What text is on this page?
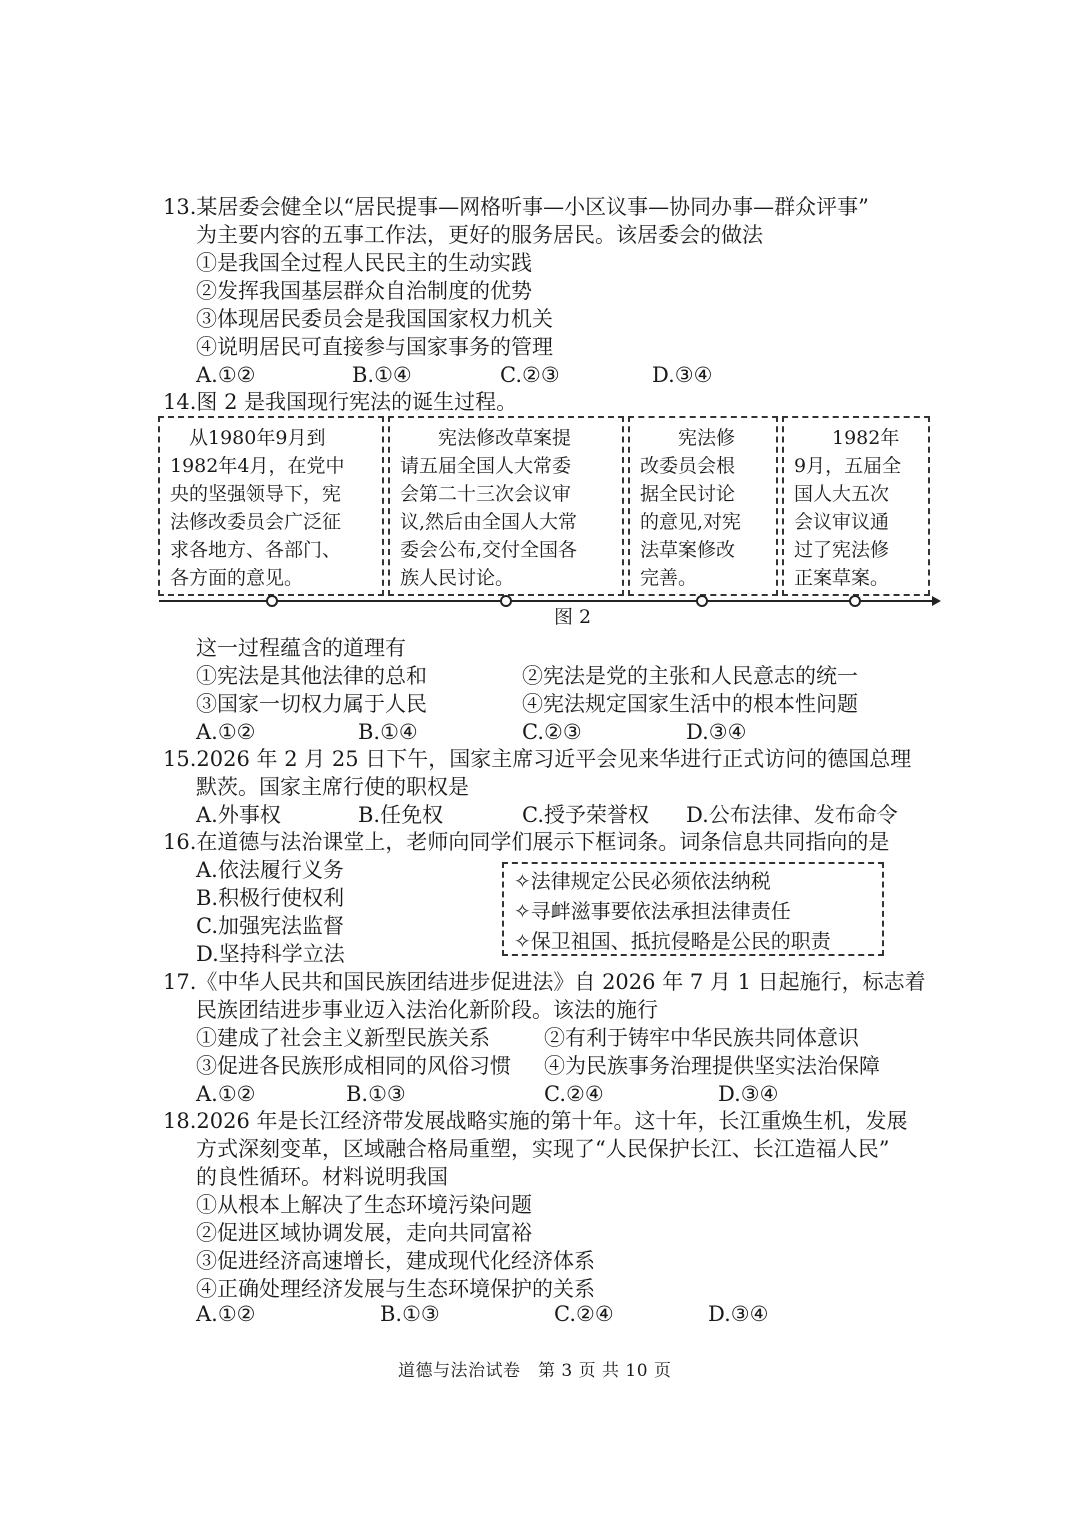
13.某居委会健全以“居民提事—网格听事—小区议事—协同办事—群众评事”
为主要内容的五事工作法，更好的服务居民。该居委会的做法
①是我国全过程人民民主的生动实践
②发挥我国基层群众自治制度的优势
③体现居民委员会是我国国家权力机关
④说明居民可直接参与国家事务的管理
A.①②	B.①④	C.②③	D.③④
14.图 2 是我国现行宪法的诞生过程。
　从1980年9月到
1982年4月，在党中
央的坚强领导下，宪
法修改委员会广泛征
求各地方、各部门、
各方面的意见。
　　宪法修改草案提
请五届全国人大常委
会第二十三次会议审
议,然后由全国人大常
委会公布,交付全国各
族人民讨论。
　　宪法修
改委员会根
据全民讨论
的意见,对宪
法草案修改
完善。
　　1982年
9月，五届全
国人大五次
会议审议通
过了宪法修
正案草案。
图 2
这一过程蕴含的道理有
①宪法是其他法律的总和	②宪法是党的主张和人民意志的统一
③国家一切权力属于人民	④宪法规定国家生活中的根本性问题
A.①②	B.①④	C.②③	D.③④
15.2026 年 2 月 25 日下午，国家主席习近平会见来华进行正式访问的德国总理
默茨。国家主席行使的职权是
A.外事权	B.任免权	C.授予荣誉权 D.公布法律、发布命令
16.在道德与法治课堂上，老师向同学们展示下框词条。词条信息共同指向的是
A.依法履行义务
B.积极行使权利
C.加强宪法监督
D.坚持科学立法
✧法律规定公民必须依法纳税
✧寻衅滋事要依法承担法律责任
✧保卫祖国、抵抗侵略是公民的职责
17.《中华人民共和国民族团结进步促进法》自 2026 年 7 月 1 日起施行，标志着
民族团结进步事业迈入法治化新阶段。该法的施行
①建成了社会主义新型民族关系	②有利于铸牢中华民族共同体意识
③促进各民族形成相同的风俗习惯 ④为民族事务治理提供坚实法治保障
A.①②	B.①③	C.②④	D.③④
18.2026 年是长江经济带发展战略实施的第十年。这十年，长江重焕生机，发展
方式深刻变革，区域融合格局重塑，实现了“人民保护长江、长江造福人民”
的良性循环。材料说明我国
①从根本上解决了生态环境污染问题
②促进区域协调发展，走向共同富裕
③促进经济高速增长，建成现代化经济体系
④正确处理经济发展与生态环境保护的关系
A.①②	B.①③	C.②④	D.③④
道德与法治试卷　第 3 页 共 10 页
